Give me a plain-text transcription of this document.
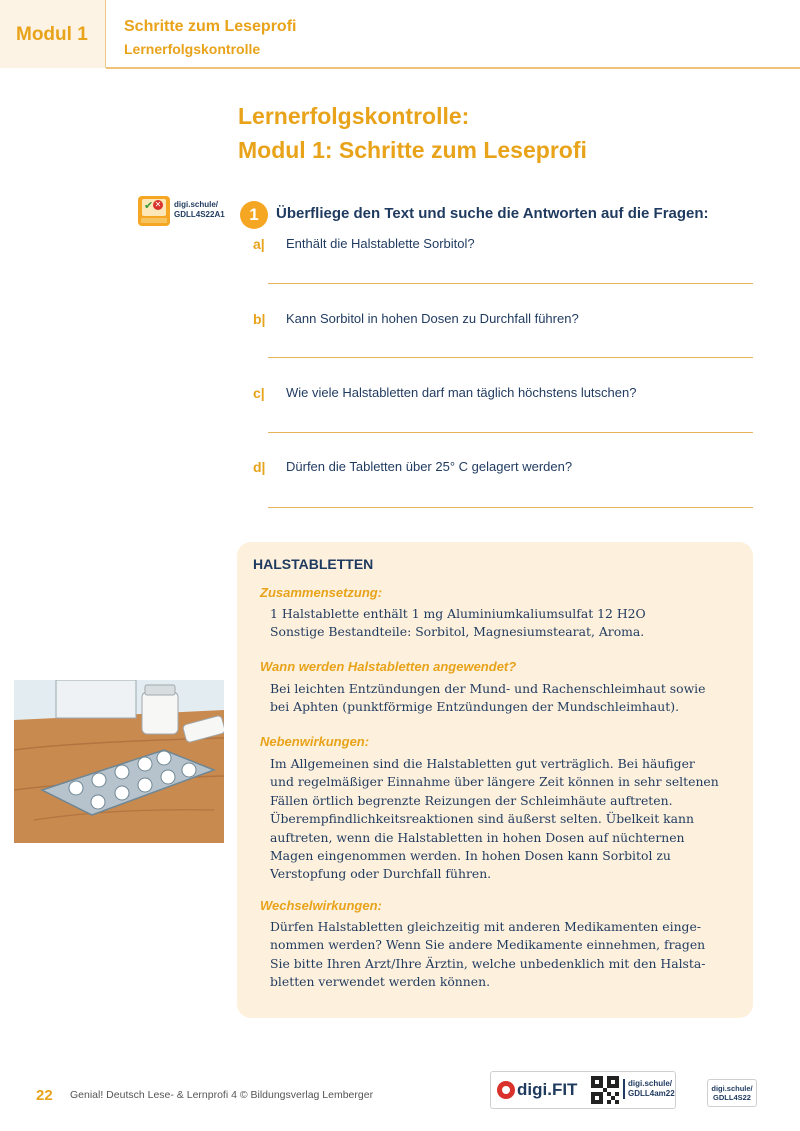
Modul 1 Schritte zum Leseprofi
Lernerfolgskontrolle
Lernerfolgskontrolle:
Modul 1: Schritte zum Leseprofi
✔ ✕ digi.schule/
GDLL4S22A1	1	Überfliege den Text und suche die Antworten auf die Fragen:
a| Enthält die Halstablette Sorbitol?
b| Kann Sorbitol in hohen Dosen zu Durchfall führen?
c| Wie viele Halstabletten darf man täglich höchstens lutschen?
d| Dürfen die Tabletten über 25° C gelagert werden?
HALSTABLETTEN
Zusammensetzung:

1 Halstablette enthält 1 mg Aluminiumkaliumsulfat 12 H2O

Sonstige Bestandteile: Sorbitol, Magnesiumstearat, Aroma.

Wann werden Halstabletten angewendet?

Bei leichten Entzündungen der Mund- und Rachenschleimhaut sowie

bei Aphten (punktförmige Entzündungen der Mundschleimhaut).

Nebenwirkungen:

Im Allgemeinen sind die Halstabletten gut verträglich. Bei häufiger

und regelmäßiger Einnahme über längere Zeit können in sehr seltenen

Fällen örtlich begrenzte Reizungen der Schleimhäute auftreten.

Überempfindlichkeitsreaktionen sind äußerst selten. Übelkeit kann

auftreten, wenn die Halstabletten in hohen Dosen auf nüchternen

Magen eingenommen werden. In hohen Dosen kann Sorbitol zu

Verstopfung oder Durchfall führen.

Wechselwirkungen:

Dürfen Halstabletten gleichzeitig mit anderen Medikamenten einge-

nommen werden? Wenn Sie andere Medikamente einnehmen, fragen

Sie bitte Ihren Arzt/Ihre Ärztin, welche unbedenklich mit den Halsta-

bletten verwendet werden können.

22 Genial! Deutsch Lese- & Lernprofi 4 © Bildungsverlag Lemberger	digi.FIT	digi.schule/
GDLL4am22
digi.schule/
GDLL4S22
